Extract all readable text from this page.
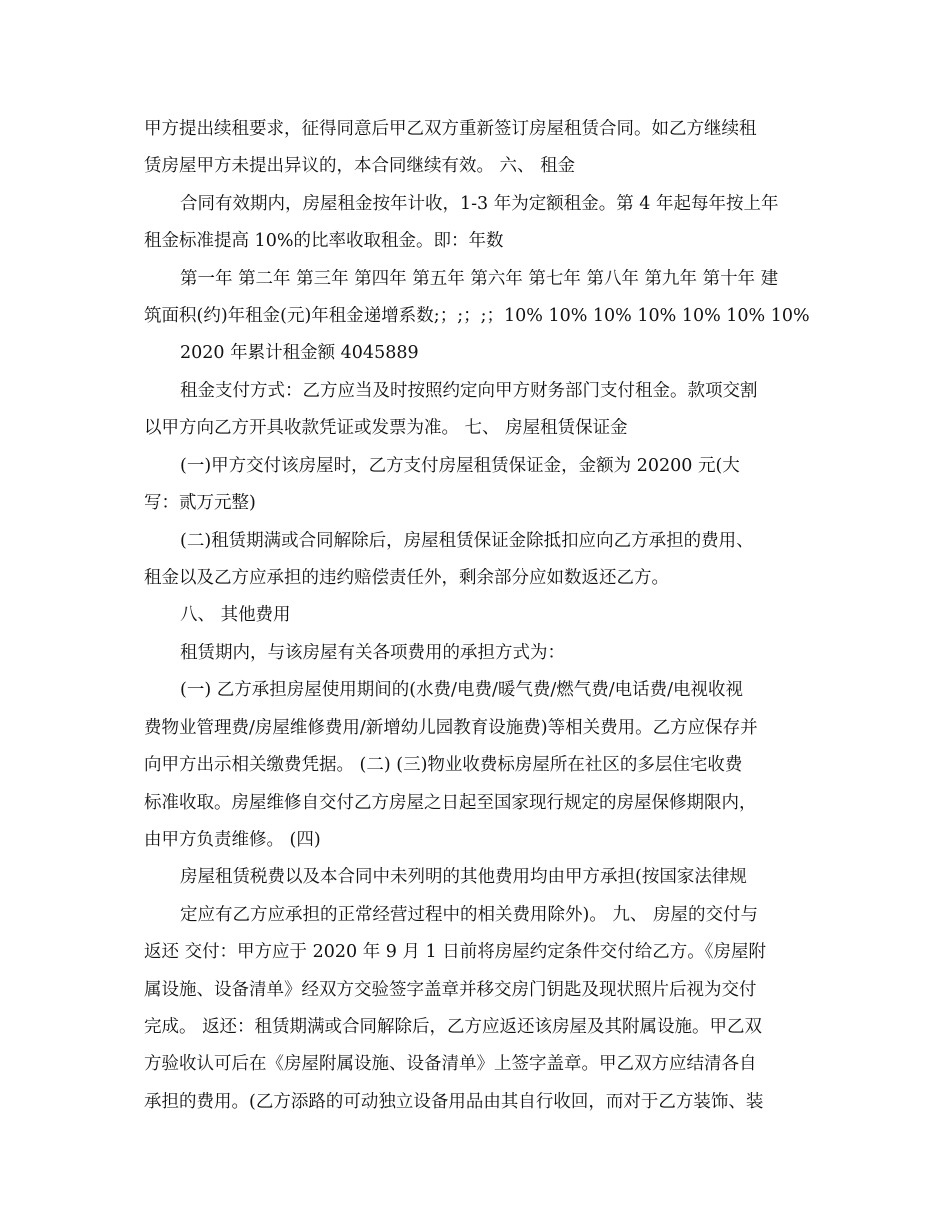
甲方提出续租要求，征得同意后甲乙双方重新签订房屋租赁合同。如乙方继续租
赁房屋甲方未提出异议的，本合同继续有效。 六、 租金
合同有效期内，房屋租金按年计收，1-3 年为定额租金。第 4 年起每年按上年
租金标准提高 10%的比率收取租金。即：年数
第一年 第二年 第三年 第四年 第五年 第六年 第七年 第八年 第九年 第十年 建
筑面积(约)年租金(元)年租金递增系数;；;；;；10% 10% 10% 10% 10% 10% 10%
2020 年累计租金额 4045889
租金支付方式：乙方应当及时按照约定向甲方财务部门支付租金。款项交割
以甲方向乙方开具收款凭证或发票为准。 七、 房屋租赁保证金
(一)甲方交付该房屋时，乙方支付房屋租赁保证金，金额为 20200 元(大
写：贰万元整)
(二)租赁期满或合同解除后，房屋租赁保证金除抵扣应向乙方承担的费用、
租金以及乙方应承担的违约赔偿责任外，剩余部分应如数返还乙方。
八、 其他费用
租赁期内，与该房屋有关各项费用的承担方式为：
(一) 乙方承担房屋使用期间的(水费/电费/暖气费/燃气费/电话费/电视收视
费物业管理费/房屋维修费用/新增幼儿园教育设施费)等相关费用。乙方应保存并
向甲方出示相关缴费凭据。 (二) (三)物业收费标房屋所在社区的多层住宅收费
标准收取。房屋维修自交付乙方房屋之日起至国家现行规定的房屋保修期限内，
由甲方负责维修。 (四)
房屋租赁税费以及本合同中未列明的其他费用均由甲方承担(按国家法律规
定应有乙方应承担的正常经营过程中的相关费用除外)。 九、 房屋的交付与
返还 交付：甲方应于 2020 年 9 月 1 日前将房屋约定条件交付给乙方。《房屋附
属设施、设备清单》经双方交验签字盖章并移交房门钥匙及现状照片后视为交付
完成。 返还：租赁期满或合同解除后，乙方应返还该房屋及其附属设施。甲乙双
方验收认可后在《房屋附属设施、设备清单》上签字盖章。甲乙双方应结清各自
承担的费用。(乙方添路的可动独立设备用品由其自行收回，而对于乙方装饰、装
